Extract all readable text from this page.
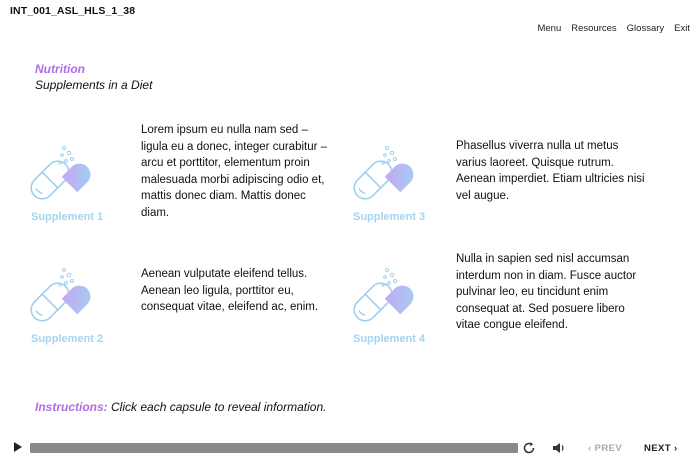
INT_001_ASL_HLS_1_38
Menu Resources Glossary Exit
Nutrition
Supplements in a Diet
Supplement 1
Supplement 2
Supplement 3
Supplement 4
Lorem ipsum eu nulla nam sed – ligula eu a donec, integer curabitur – arcu et porttitor, elementum proin malesuada morbi adipiscing odio et, mattis donec diam. Mattis donec diam.
Aenean vulputate eleifend tellus. Aenean leo ligula, porttitor eu, consequat vitae, eleifend ac, enim.
Phasellus viverra nulla ut metus varius laoreet. Quisque rutrum. Aenean imperdiet. Etiam ultricies nisi vel augue.
Nulla in sapien sed nisl accumsan interdum non in diam. Fusce auctor pulvinar leo, eu tincidunt enim consequat at. Sed posuere libero vitae congue eleifend.
Instructions: Click each capsule to reveal information.
‹ PREV NEXT ›
